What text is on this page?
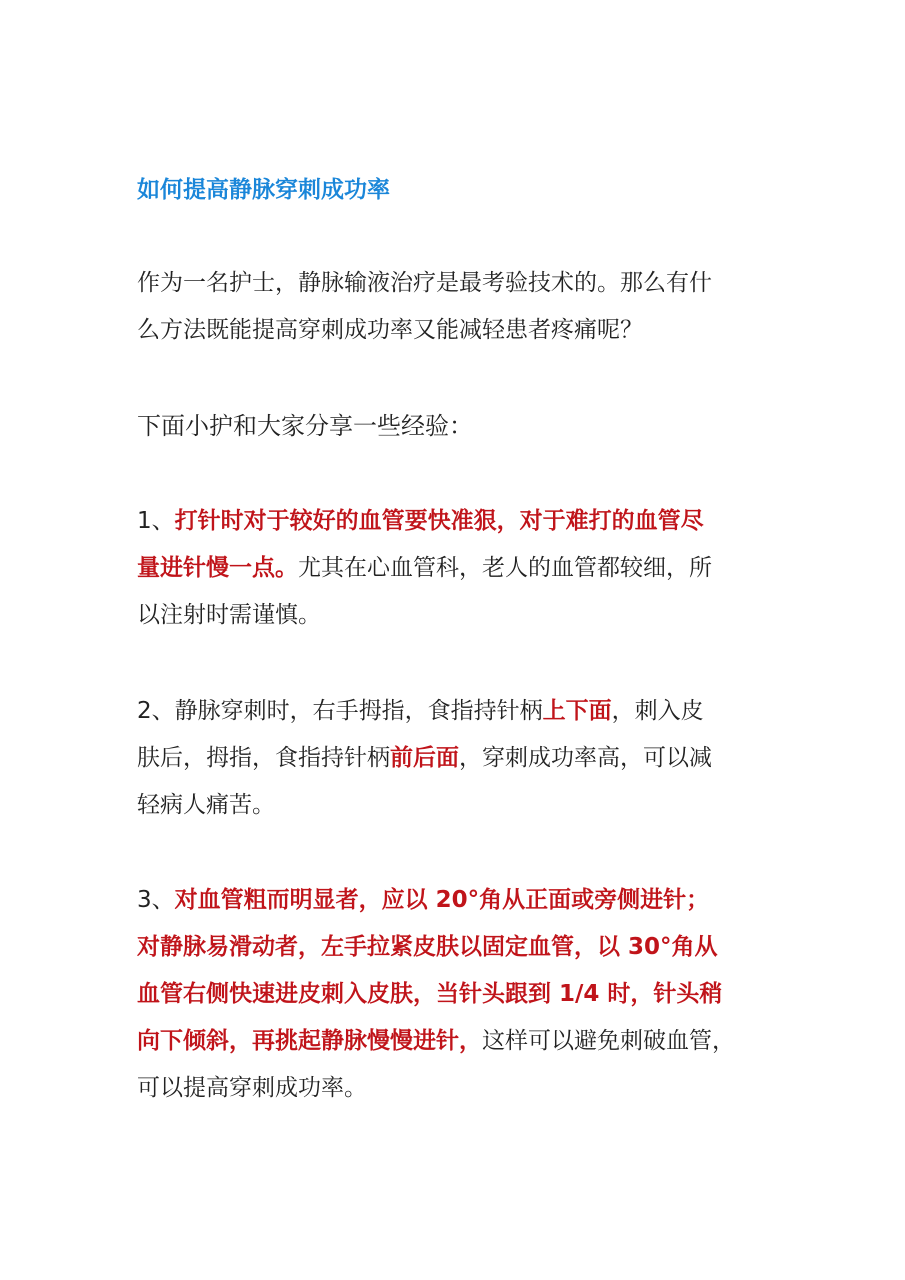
如何提高静脉穿刺成功率
作为一名护士，静脉输液治疗是最考验技术的。那么有什
么方法既能提高穿刺成功率又能减轻患者疼痛呢？
下面小护和大家分享一些经验：
1、打针时对于较好的血管要快准狠，对于难打的血管尽
量进针慢一点。尤其在心血管科，老人的血管都较细，所
以注射时需谨慎。
2、静脉穿刺时，右手拇指，食指持针柄上下面，刺入皮
肤后，拇指，食指持针柄前后面，穿刺成功率高，可以减
轻病人痛苦。
3、对血管粗而明显者，应以 20°角从正面或旁侧进针；
对静脉易滑动者，左手拉紧皮肤以固定血管，以 30°角从
血管右侧快速进皮刺入皮肤，当针头跟到 1/4 时，针头稍
向下倾斜，再挑起静脉慢慢进针，这样可以避免刺破血管，
可以提高穿刺成功率。
